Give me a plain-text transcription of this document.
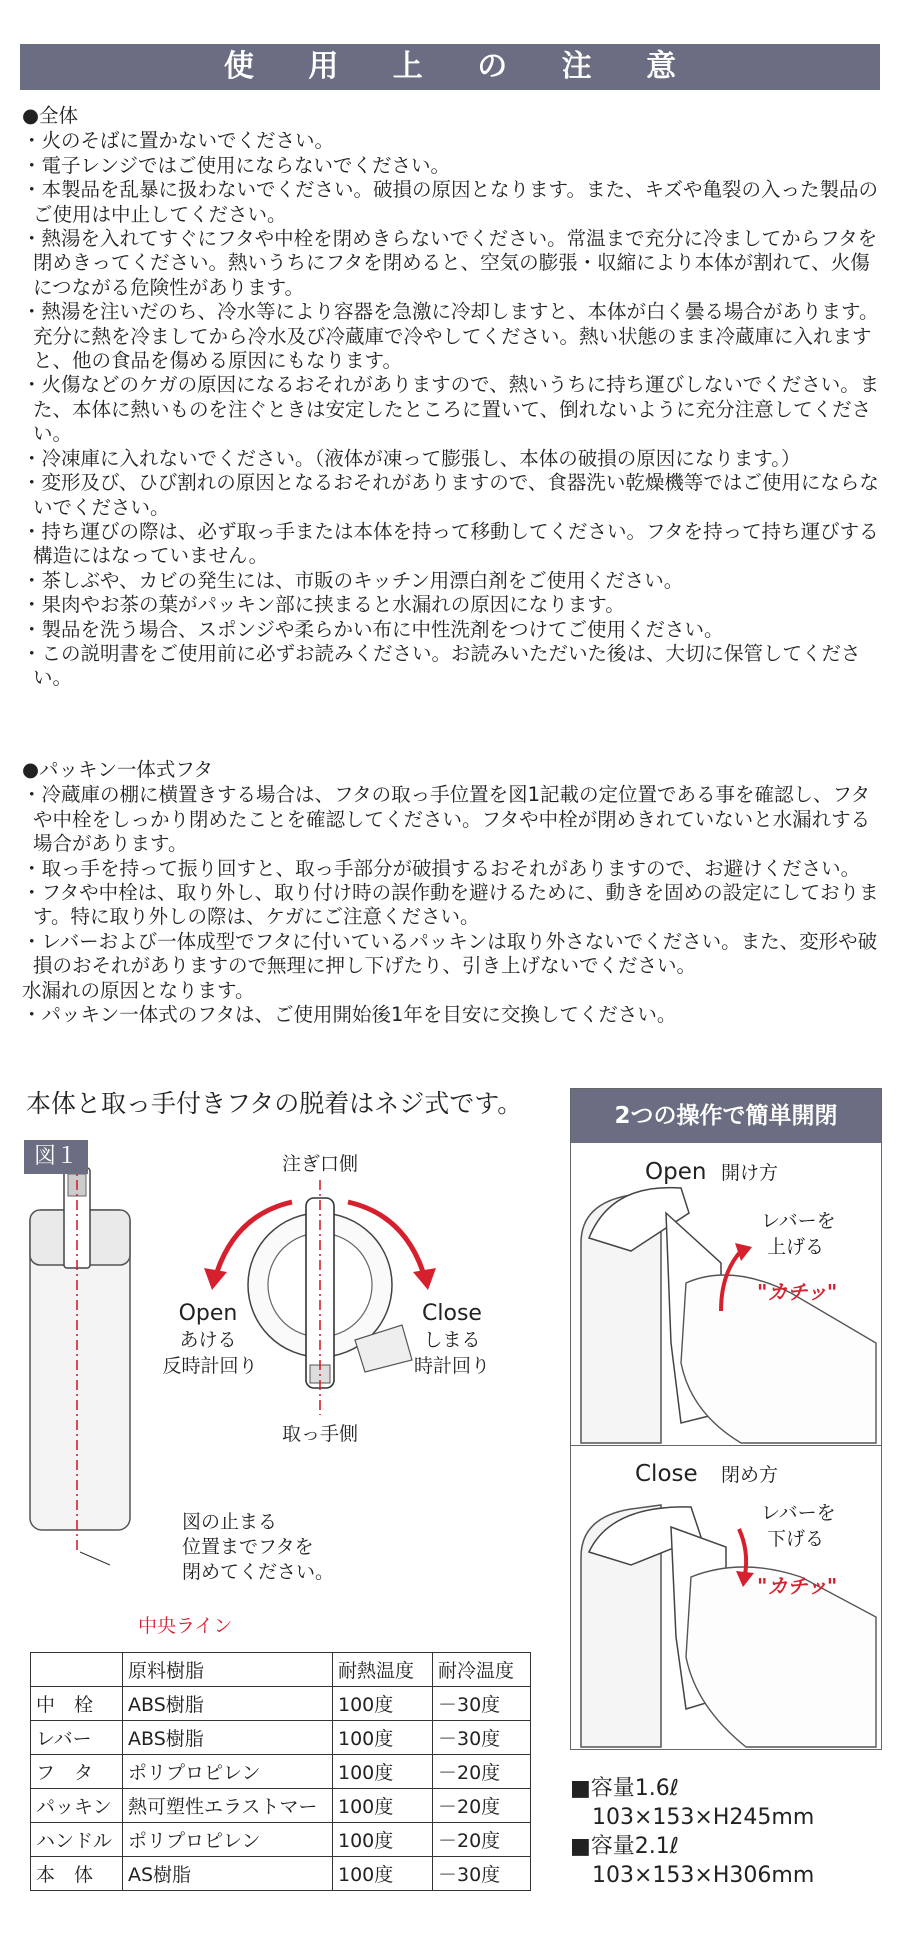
使 用 上 の 注 意
●全体
・火のそばに置かないでください。
・電子レンジではご使用にならないでください。
・本製品を乱暴に扱わないでください。破損の原因となります。また、キズや亀裂の入った製品のご使用は中止してください。
・熱湯を入れてすぐにフタや中栓を閉めきらないでください。常温まで充分に冷ましてからフタを閉めきってください。熱いうちにフタを閉めると、空気の膨張・収縮により本体が割れて、火傷につながる危険性があります。
・熱湯を注いだのち、冷水等により容器を急激に冷却しますと、本体が白く曇る場合があります。充分に熱を冷ましてから冷水及び冷蔵庫で冷やしてください。熱い状態のまま冷蔵庫に入れますと、他の食品を傷める原因にもなります。
・火傷などのケガの原因になるおそれがありますので、熱いうちに持ち運びしないでください。また、本体に熱いものを注ぐときは安定したところに置いて、倒れないように充分注意してください。
・冷凍庫に入れないでください。（液体が凍って膨張し、本体の破損の原因になります。）
・変形及び、ひび割れの原因となるおそれがありますので、食器洗い乾燥機等ではご使用にならないでください。
・持ち運びの際は、必ず取っ手または本体を持って移動してください。フタを持って持ち運びする構造にはなっていません。
・茶しぶや、カビの発生には、市販のキッチン用漂白剤をご使用ください。
・果肉やお茶の葉がパッキン部に挟まると水漏れの原因になります。
・製品を洗う場合、スポンジや柔らかい布に中性洗剤をつけてご使用ください。
・この説明書をご使用前に必ずお読みください。お読みいただいた後は、大切に保管してください。
●パッキン一体式フタ
・冷蔵庫の棚に横置きする場合は、フタの取っ手位置を図1記載の定位置である事を確認し、フタや中栓をしっかり閉めたことを確認してください。フタや中栓が閉めきれていないと水漏れする場合があります。
・取っ手を持って振り回すと、取っ手部分が破損するおそれがありますので、お避けください。
・フタや中栓は、取り外し、取り付け時の誤作動を避けるために、動きを固めの設定にしております。特に取り外しの際は、ケガにご注意ください。
・レバーおよび一体成型でフタに付いているパッキンは取り外さないでください。また、変形や破損のおそれがありますので無理に押し下げたり、引き上げないでください。
水漏れの原因となります。
・パッキン一体式のフタは、ご使用開始後1年を目安に交換してください。
本体と取っ手付きフタの脱着はネジ式です。
中央ライン
注ぎ口側
取っ手側
Open
あける
反時計回り
Close
しまる
時計回り
図の止まる
位置までフタを
閉めてください。
図１
	原料樹脂	耐熱温度	耐冷温度
中　栓	ABS樹脂	100度	－30度
レバー	ABS樹脂	100度	－30度
フ　タ	ポリプロピレン	100度	－20度
パッキン	熱可塑性エラストマー	100度	－20度
ハンドル	ポリプロピレン	100度	－20度
本　体	AS樹脂	100度	－30度
2つの操作で簡単開閉
Open 開け方
レバーを
上げる
"カチッ"
Close 閉め方
レバーを
下げる
"カチッ"
■容量1.6ℓ
103×153×H245mm
■容量2.1ℓ
103×153×H306mm
